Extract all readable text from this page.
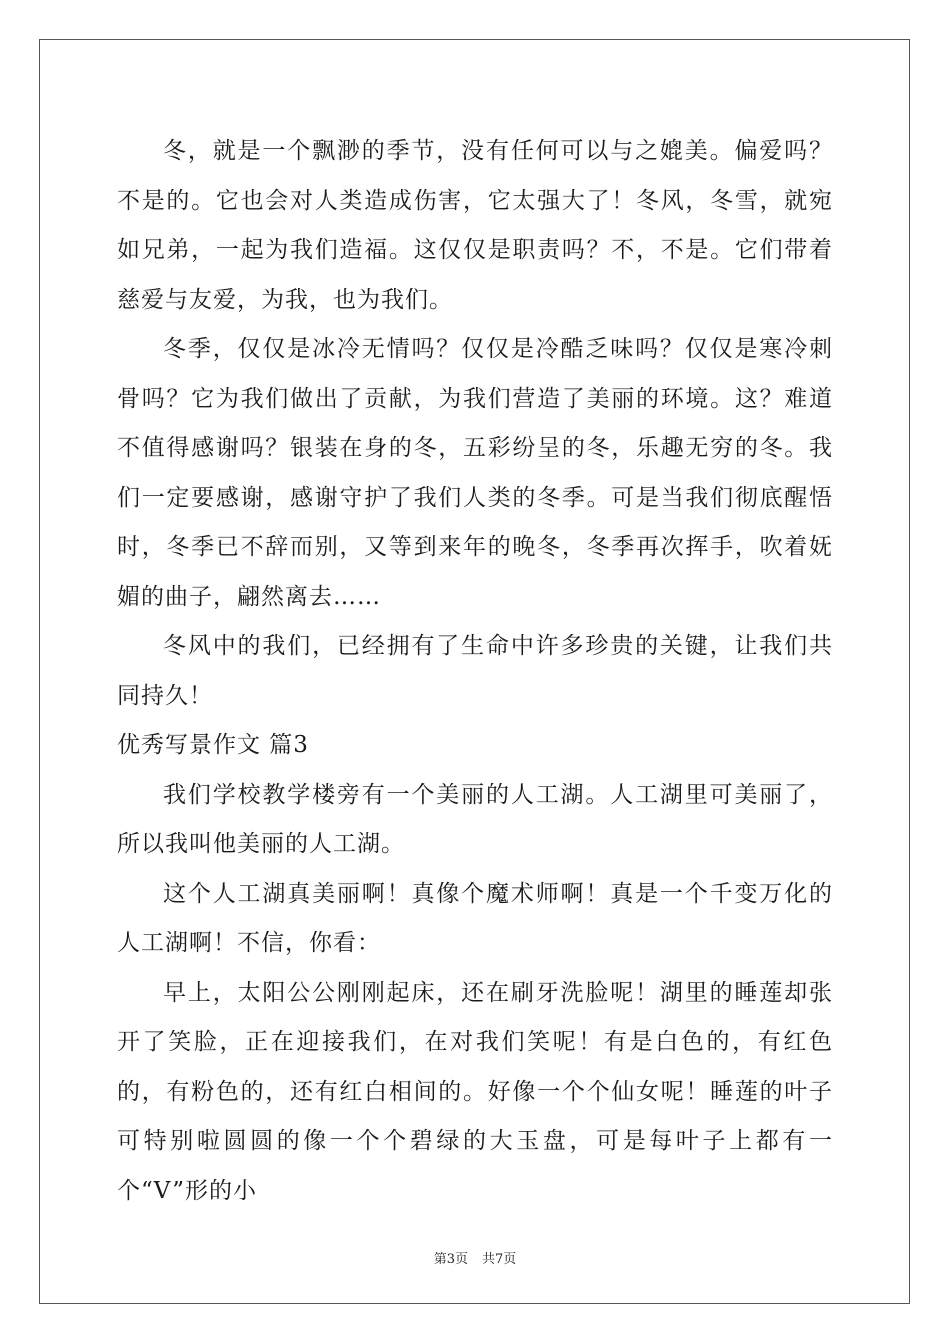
冬，就是一个飘渺的季节，没有任何可以与之媲美。偏爱吗？不是的。它也会对人类造成伤害，它太强大了！冬风，冬雪，就宛如兄弟，一起为我们造福。这仅仅是职责吗？不，不是。它们带着慈爱与友爱，为我，也为我们。

冬季，仅仅是冰冷无情吗？仅仅是冷酷乏味吗？仅仅是寒冷刺骨吗？它为我们做出了贡献，为我们营造了美丽的环境。这？难道不值得感谢吗？银装在身的冬，五彩纷呈的冬，乐趣无穷的冬。我们一定要感谢，感谢守护了我们人类的冬季。可是当我们彻底醒悟时，冬季已不辞而别，又等到来年的晚冬，冬季再次挥手，吹着妩媚的曲子，翩然离去……

冬风中的我们，已经拥有了生命中许多珍贵的关键，让我们共同持久！

优秀写景作文 篇3

我们学校教学楼旁有一个美丽的人工湖。人工湖里可美丽了，所以我叫他美丽的人工湖。

这个人工湖真美丽啊！真像个魔术师啊！真是一个千变万化的人工湖啊！不信，你看：

早上，太阳公公刚刚起床，还在刷牙洗脸呢！湖里的睡莲却张开了笑脸，正在迎接我们，在对我们笑呢！有是白色的，有红色的，有粉色的，还有红白相间的。好像一个个仙女呢！睡莲的叶子可特别啦圆圆的像一个个碧绿的大玉盘，可是每叶子上都有一个“V”形的小

第3页 共7页
